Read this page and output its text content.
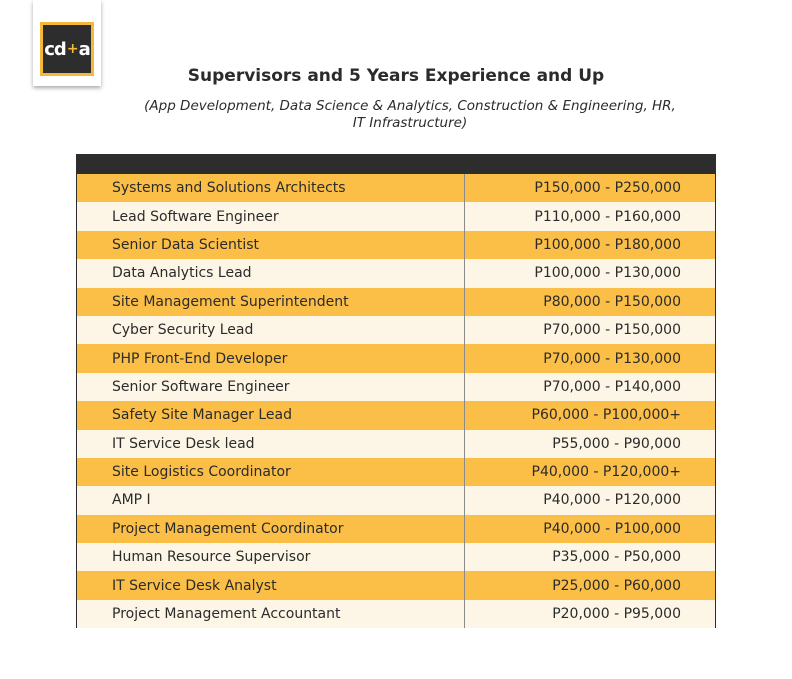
cd + a
Supervisors and 5 Years Experience and Up
(App Development, Data Science & Analytics, Construction & Engineering, HR, IT Infrastructure)
Systems and Solutions Architects	P150,000 - P250,000
Lead Software Engineer	P110,000 - P160,000
Senior Data Scientist	P100,000 - P180,000
Data Analytics Lead	P100,000 - P130,000
Site Management Superintendent	P80,000 - P150,000
Cyber Security Lead	P70,000 - P150,000
PHP Front-End Developer	P70,000 - P130,000
Senior Software Engineer	P70,000 - P140,000
Safety Site Manager Lead	P60,000 - P100,000+
IT Service Desk lead	P55,000 - P90,000
Site Logistics Coordinator	P40,000 - P120,000+
AMP I	P40,000 - P120,000
Project Management Coordinator	P40,000 - P100,000
Human Resource Supervisor	P35,000 - P50,000
IT Service Desk Analyst	P25,000 - P60,000
Project Management Accountant	P20,000 - P95,000
